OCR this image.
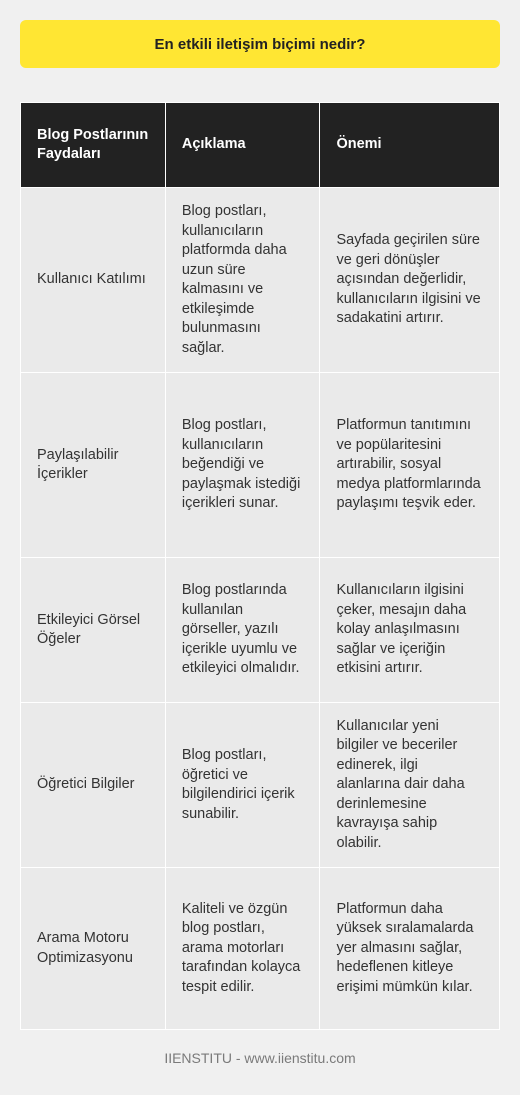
En etkili iletişim biçimi nedir?
Blog Postlarının Faydaları	Açıklama	Önemi
Kullanıcı Katılımı	Blog postları, kullanıcıların platformda daha uzun süre kalmasını ve etkileşimde bulunmasını sağlar.	Sayfada geçirilen süre ve geri dönüşler açısından değerlidir, kullanıcıların ilgisini ve sadakatini artırır.
Paylaşılabilir İçerikler	Blog postları, kullanıcıların beğendiği ve paylaşmak istediği içerikleri sunar.	Platformun tanıtımını ve popülaritesini artırabilir, sosyal medya platformlarında paylaşımı teşvik eder.
Etkileyici Görsel Öğeler	Blog postlarında kullanılan görseller, yazılı içerikle uyumlu ve etkileyici olmalıdır.	Kullanıcıların ilgisini çeker, mesajın daha kolay anlaşılmasını sağlar ve içeriğin etkisini artırır.
Öğretici Bilgiler	Blog postları, öğretici ve bilgilendirici içerik sunabilir.	Kullanıcılar yeni bilgiler ve beceriler edinerek, ilgi alanlarına dair daha derinlemesine kavrayışa sahip olabilir.
Arama Motoru Optimizasyonu	Kaliteli ve özgün blog postları, arama motorları tarafından kolayca tespit edilir.	Platformun daha yüksek sıralamalarda yer almasını sağlar, hedeflenen kitleye erişimi mümkün kılar.
IIENSTITU - www.iienstitu.com
